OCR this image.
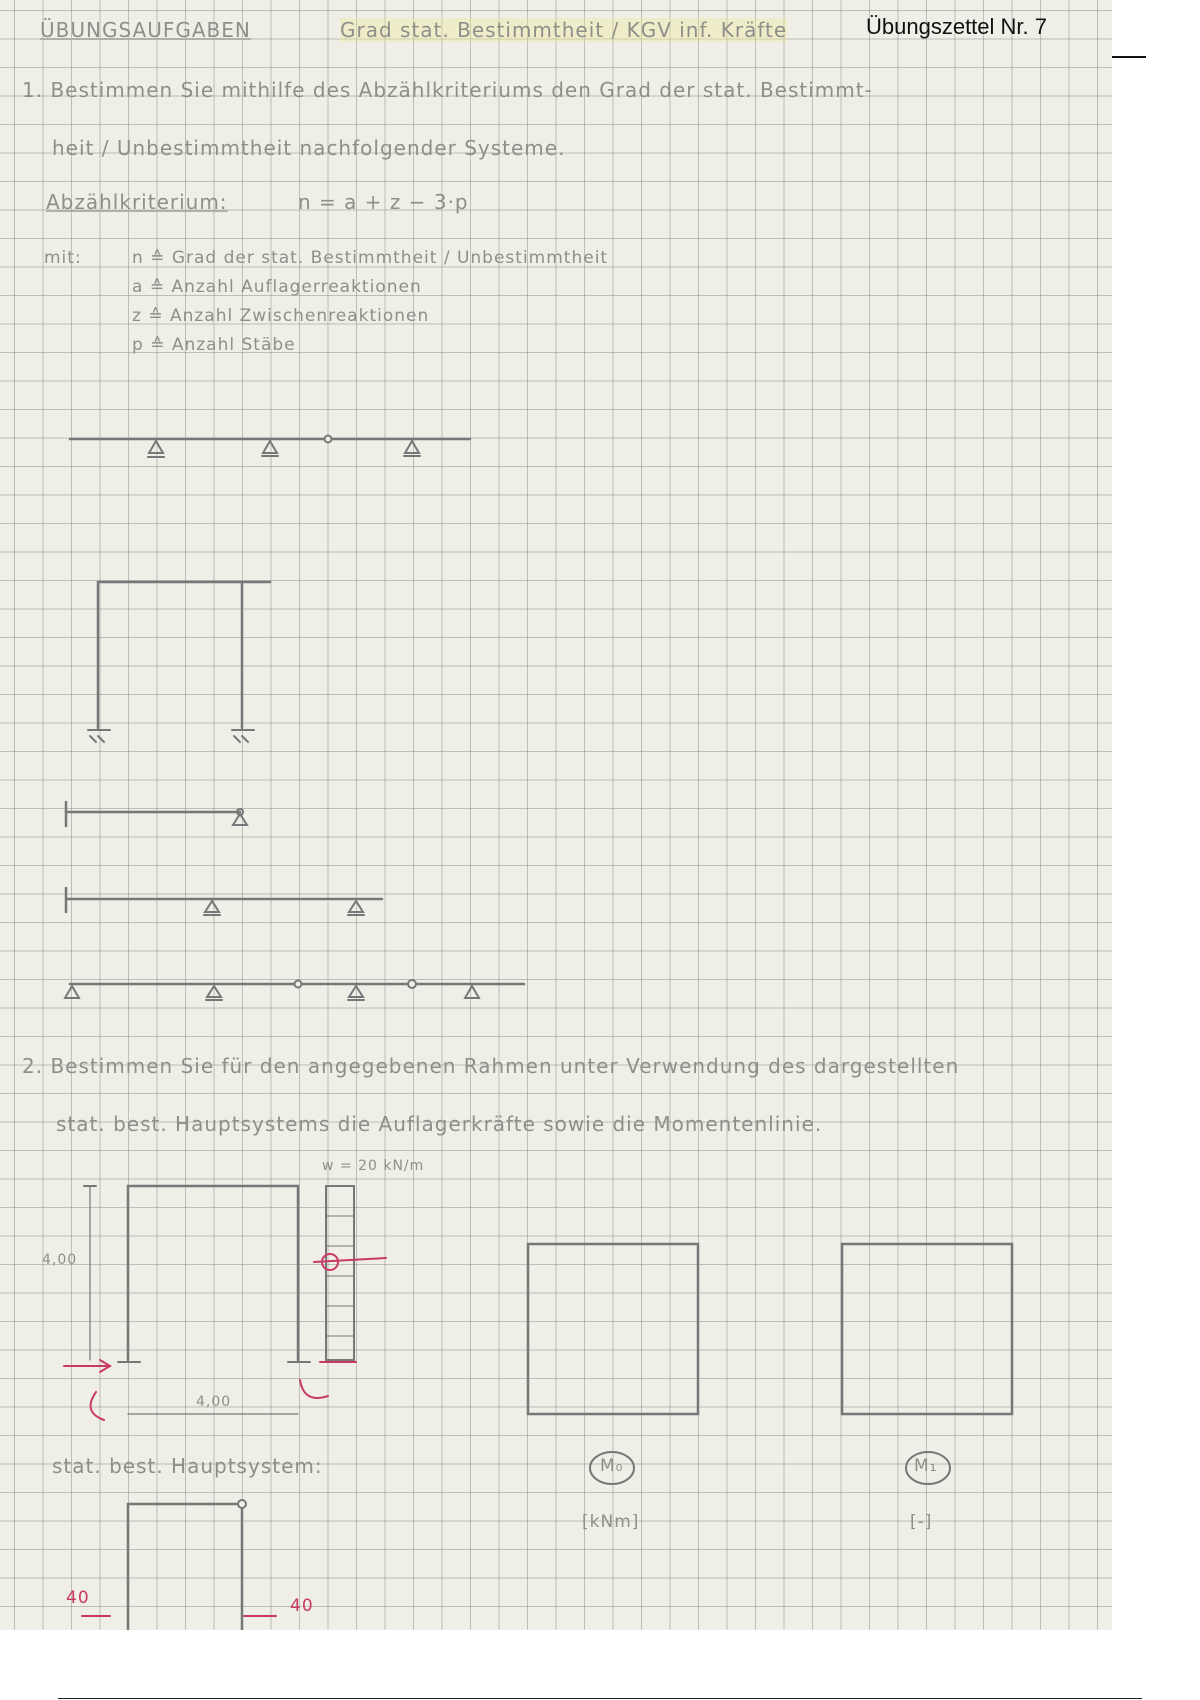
ÜBUNGSAUFGABEN	Grad stat. Bestimmtheit / KGV inf. Kräfte	Übungszettel Nr. 7
1. Bestimmen Sie mithilfe des Abzählkriteriums den Grad der stat. Bestimmt-
heit / Unbestimmtheit nachfolgender Systeme.
Abzählkriterium:	n = a + z − 3·p
mit:	n ≙ Grad der stat. Bestimmtheit / Unbestimmtheit
a ≙ Anzahl Auflagerreaktionen
z ≙ Anzahl Zwischenreaktionen
p ≙ Anzahl Stäbe
2. Bestimmen Sie für den angegebenen Rahmen unter Verwendung des dargestellten
stat. best. Hauptsystems die Auflagerkräfte sowie die Momentenlinie.
w = 20 kN/m
4,00
4,00
stat. best. Hauptsystem:	M₀
[kNm]
M₁
[-]
40	40
